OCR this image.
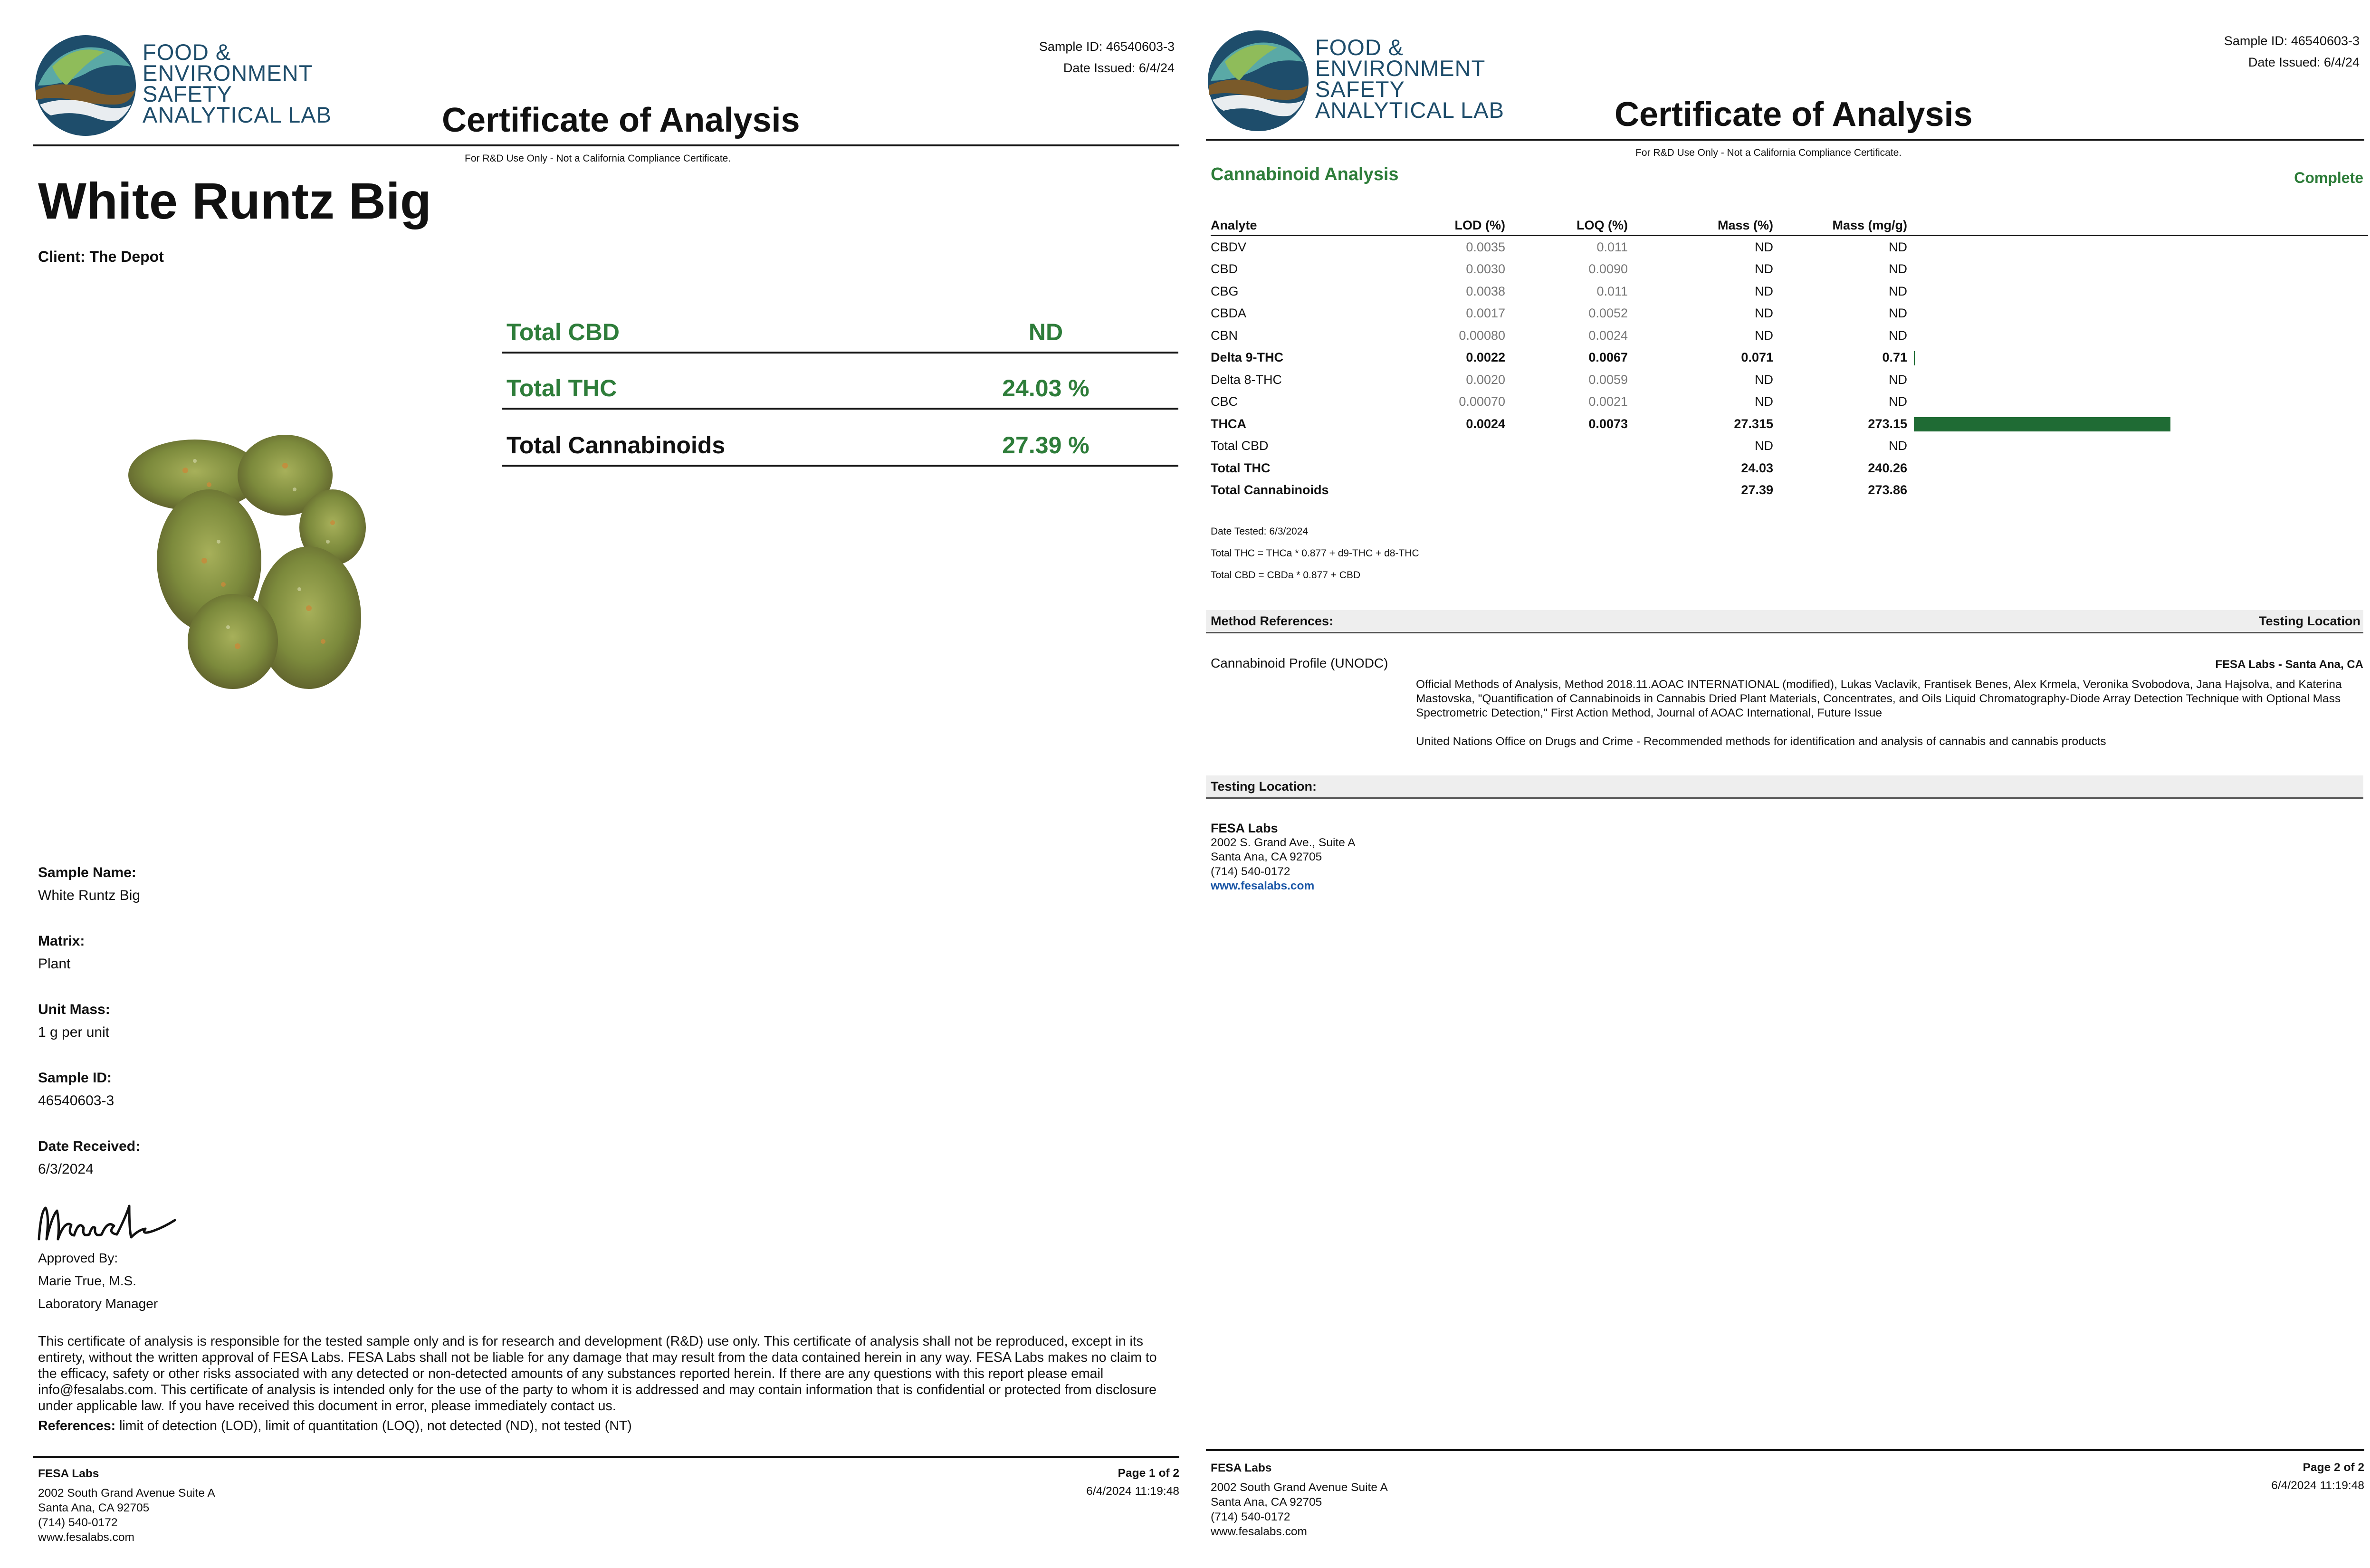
FOOD &
ENVIRONMENT
SAFETY
ANALYTICAL LAB
Sample ID: 46540603-3
Date Issued: 6/4/24
Certificate of Analysis
For R&D Use Only - Not a California Compliance Certificate.
White Runtz Big
Client: The Depot
Total CBD	ND
Total THC	24.03 %
Total Cannabinoids	27.39 %
Sample Name:
White Runtz Big
Matrix:
Plant
Unit Mass:
1 g per unit
Sample ID:
46540603-3
Date Received:
6/3/2024
Approved By:
Marie True, M.S.
Laboratory Manager
This certificate of analysis is responsible for the tested sample only and is for research and development (R&D) use only. This certificate of analysis shall not be reproduced, except in its entirety, without the written approval of FESA Labs. FESA Labs shall not be liable for any damage that may result from the data contained herein in any way. FESA Labs makes no claim to the efficacy, safety or other risks associated with any detected or non-detected amounts of any substances reported herein. If there are any questions with this report please email info@fesalabs.com. This certificate of analysis is intended only for the use of the party to whom it is addressed and may contain information that is confidential or protected from disclosure under applicable law. If you have received this document in error, please immediately contact us.
References: limit of detection (LOD), limit of quantitation (LOQ), not detected (ND), not tested (NT)
FESA Labs
2002 South Grand Avenue Suite A
Santa Ana, CA 92705
(714) 540-0172
www.fesalabs.com
Page 1 of 2
6/4/2024 11:19:48
FOOD &
ENVIRONMENT
SAFETY
ANALYTICAL LAB
Sample ID: 46540603-3
Date Issued: 6/4/24
Certificate of Analysis
For R&D Use Only - Not a California Compliance Certificate.
Cannabinoid Analysis	Complete
Analyte	LOD (%)	LOQ (%)	Mass (%)	Mass (mg/g)	
CBDV	0.0035	0.011	ND	ND	
CBD	0.0030	0.0090	ND	ND	
CBG	0.0038	0.011	ND	ND	
CBDA	0.0017	0.0052	ND	ND	
CBN	0.00080	0.0024	ND	ND	
Delta 9-THC	0.0022	0.0067	0.071	0.71	

Delta 8-THC	0.0020	0.0059	ND	ND	
CBC	0.00070	0.0021	ND	ND	
THCA	0.0024	0.0073	27.315	273.15	

Total CBD			ND	ND	
Total THC			24.03	240.26	
Total Cannabinoids			27.39	273.86	
Date Tested: 6/3/2024
Total THC = THCa * 0.877 + d9-THC + d8-THC
Total CBD = CBDa * 0.877 + CBD
Method References:	Testing Location
Cannabinoid Profile (UNODC)	FESA Labs - Santa Ana, CA
Official Methods of Analysis, Method 2018.11.AOAC INTERNATIONAL (modified), Lukas Vaclavik, Frantisek Benes, Alex Krmela, Veronika Svobodova, Jana Hajsolva, and Katerina Mastovska, "Quantification of Cannabinoids in Cannabis Dried Plant Materials, Concentrates, and Oils Liquid Chromatography-Diode Array Detection Technique with Optional Mass Spectrometric Detection," First Action Method, Journal of AOAC International, Future Issue
United Nations Office on Drugs and Crime - Recommended methods for identification and analysis of cannabis and cannabis products
Testing Location:
FESA Labs
2002 S. Grand Ave., Suite A
Santa Ana, CA 92705
(714) 540-0172
www.fesalabs.com
FESA Labs
2002 South Grand Avenue Suite A
Santa Ana, CA 92705
(714) 540-0172
www.fesalabs.com
Page 2 of 2
6/4/2024 11:19:48
